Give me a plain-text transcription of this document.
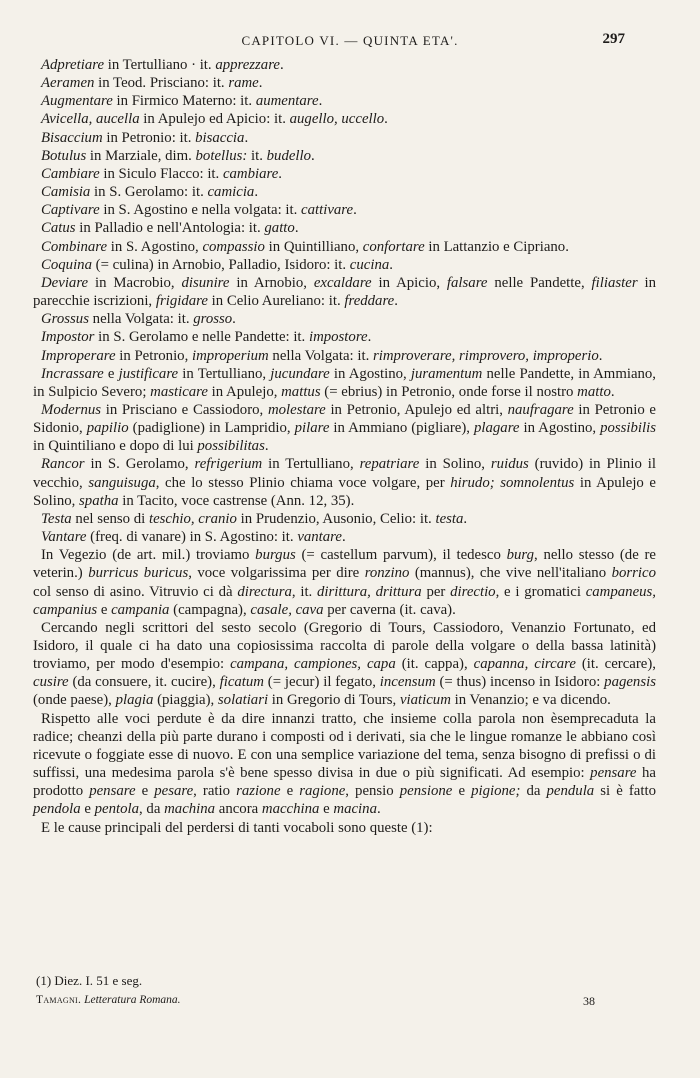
CAPITOLO VI. — QUINTA ETA'.	297

Adpretiare in Tertulliano · it. apprezzare.

Aeramen in Teod. Prisciano: it. rame.

Augmentare in Firmico Materno: it. aumentare.

Avicella, aucella in Apulejo ed Apicio: it. augello, uccello.

Bisaccium in Petronio: it. bisaccia.

Botulus in Marziale, dim. botellus: it. budello.

Cambiare in Siculo Flacco: it. cambiare.

Camisia in S. Gerolamo: it. camicia.

Captivare in S. Agostino e nella volgata: it. cattivare.

Catus in Palladio e nell'Antologia: it. gatto.

Combinare in S. Agostino, compassio in Quintilliano, confortare in Lattanzio e Cipriano.

Coquina (= culina) in Arnobio, Palladio, Isidoro: it. cucina.

Deviare in Macrobio, disunire in Arnobio, excaldare in Apicio, falsare nelle Pandette, filiaster in parecchie iscrizioni, frigidare in Celio Aureliano: it. freddare.

Grossus nella Volgata: it. grosso.

Impostor in S. Gerolamo e nelle Pandette: it. impostore.

Improperare in Petronio, improperium nella Volgata: it. rimproverare, rimprovero, improperio.

Incrassare e justificare in Tertulliano, jucundare in Agostino, juramentum nelle Pandette, in Ammiano, in Sulpicio Severo; masticare in Apulejo, mattus (= ebrius) in Petronio, onde forse il nostro matto.

Modernus in Prisciano e Cassiodoro, molestare in Petronio, Apulejo ed altri, naufragare in Petronio e Sidonio, papilio (padiglione) in Lampridio, pilare in Ammiano (pigliare), plagare in Agostino, possibilis in Quintiliano e dopo di lui possibilitas.

Rancor in S. Gerolamo, refrigerium in Tertulliano, repatriare in Solino, ruidus (ruvido) in Plinio il vecchio, sanguisuga, che lo stesso Plinio chiama voce volgare, per hirudo; somnolentus in Apulejo e Solino, spatha in Tacito, voce castrense (Ann. 12, 35).

Testa nel senso di teschio, cranio in Prudenzio, Ausonio, Celio: it. testa.

Vantare (freq. di vanare) in S. Agostino: it. vantare.

In Vegezio (de art. mil.) troviamo burgus (= castellum parvum), il tedesco burg, nello stesso (de re veterin.) burricus buricus, voce volgarissima per dire ronzino (mannus), che vive nell'italiano borrico col senso di asino. Vitruvio ci dà directura, it. dirittura, drittura per directio, e i gromatici campaneus, campanius e campania (campagna), casale, cava per caverna (it. cava).

Cercando negli scrittori del sesto secolo (Gregorio di Tours, Cassiodoro, Venanzio Fortunato, ed Isidoro, il quale ci ha dato una copiosissima raccolta di parole della volgare o della bassa latinità) troviamo, per modo d'esempio: campana, campiones, capa (it. cappa), capanna, circare (it. cercare), cusire (da consuere, it. cucire), ficatum (= jecur) il fegato, incensum (= thus) incenso in Isidoro: pagensis (onde paese), plagia (piaggia), solatiari in Gregorio di Tours, viaticum in Venanzio; e va dicendo.

Rispetto alle voci perdute è da dire innanzi tratto, che insieme colla parola non èsemprecaduta la radice; cheanzi della più parte durano i composti od i derivati, sia che le lingue romanze le abbiano così ricevute o foggiate esse di nuovo. E con una semplice variazione del tema, senza bisogno di prefissi o di suffissi, una medesima parola s'è bene spesso divisa in due o più significati. Ad esempio: pensare ha prodotto pensare e pesare, ratio razione e ragione, pensio pensione e pigione; da pendula si è fatto pendola e pentola, da machina ancora macchina e macina.

E le cause principali del perdersi di tanti vocaboli sono queste (1):

(1) Diez. I. 51 e seg.
Tamagni. Letteratura Romana.	38
